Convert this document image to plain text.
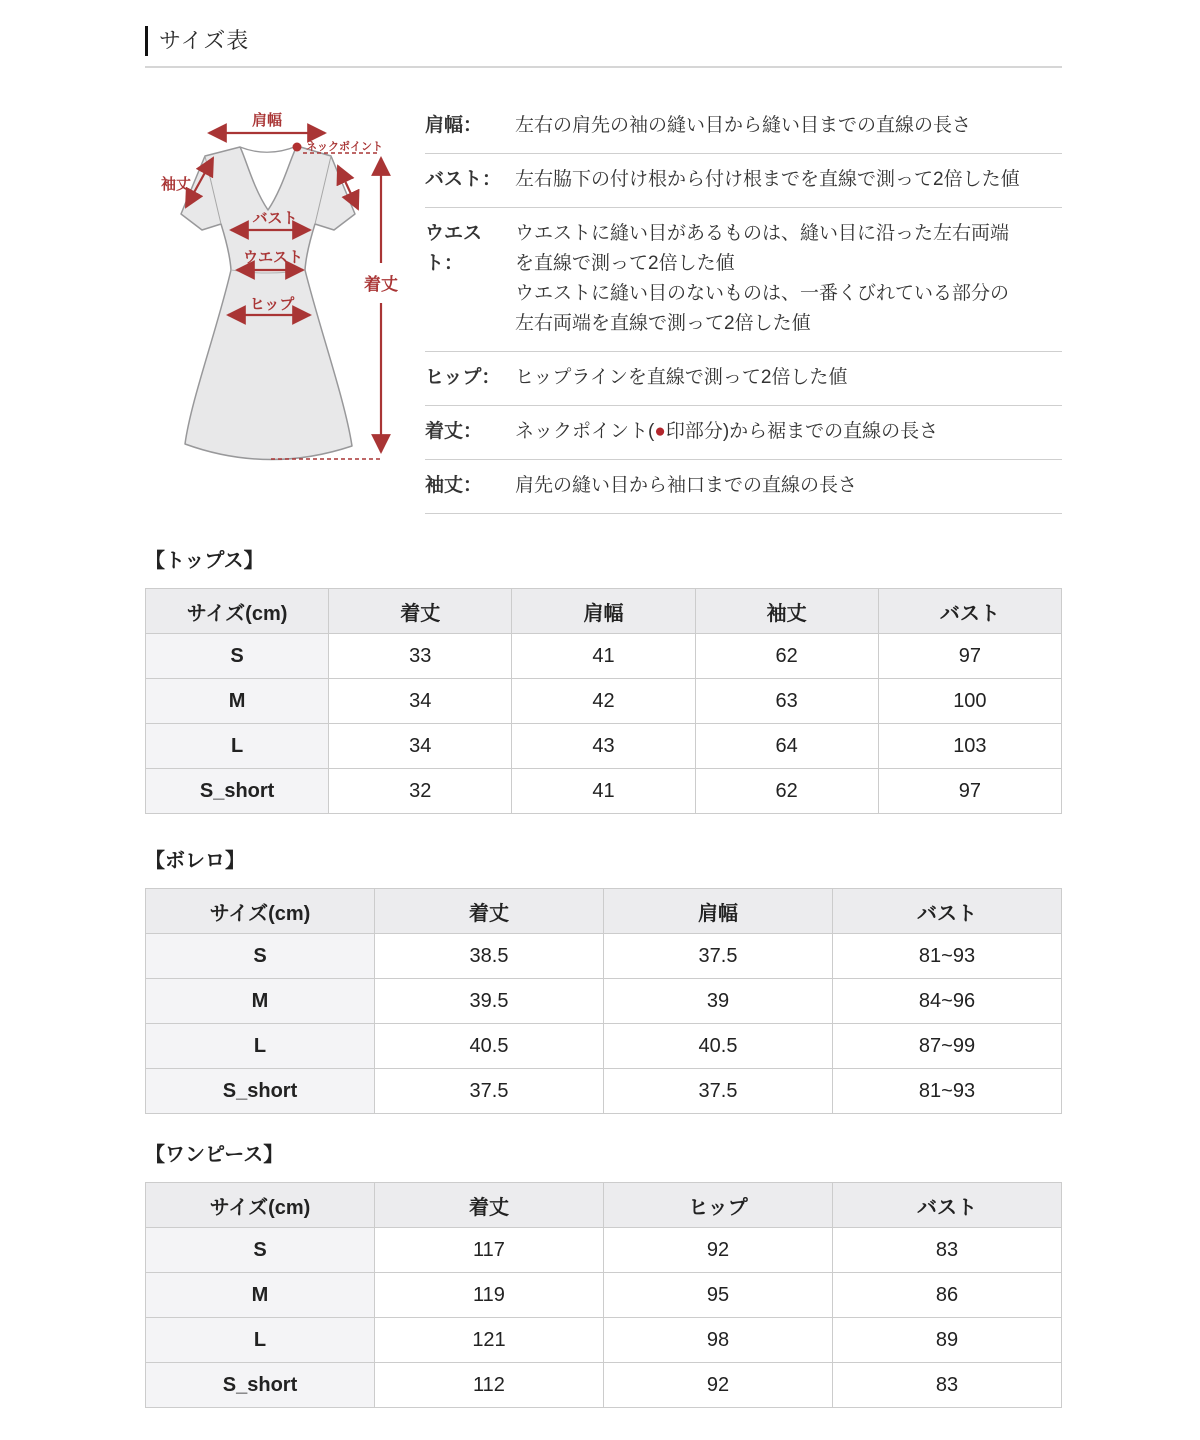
サイズ表
肩幅
ネックポイント
袖丈
バスト
ウエスト
ヒップ
着丈
肩幅：	左右の肩先の袖の縫い目から縫い目までの直線の長さ
バスト： 左右脇下の付け根から付け根までを直線で測って2倍した値
ウエスト：
ウエストに縫い目があるものは、縫い目に沿った左右両端
を直線で測って2倍した値
ウエストに縫い目のないものは、一番くびれている部分の
左右両端を直線で測って2倍した値
ヒップ： ヒップラインを直線で測って2倍した値
着丈：	ネックポイント(●印部分)から裾までの直線の長さ
袖丈：	肩先の縫い目から袖口までの直線の長さ
【トップス】
サイズ(cm)	着丈	肩幅	袖丈	バスト
S	33	41	62	97
M	34	42	63	100
L	34	43	64	103
S_short	32	41	62	97
【ボレロ】
サイズ(cm)	着丈	肩幅	バスト
S	38.5	37.5	81~93
M	39.5	39	84~96
L	40.5	40.5	87~99
S_short	37.5	37.5	81~93
【ワンピース】
サイズ(cm)	着丈	ヒップ	バスト
S	117	92	83
M	119	95	86
L	121	98	89
S_short	112	92	83
